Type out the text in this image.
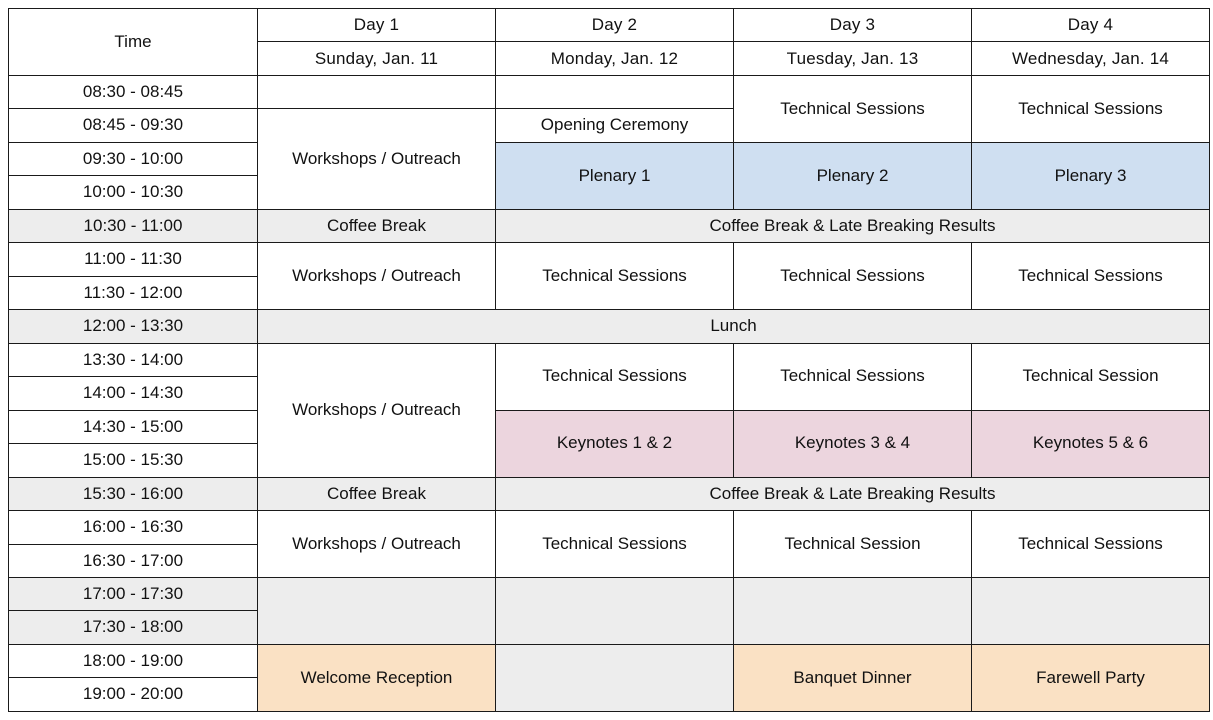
Time	Day 1	Day 2	Day 3	Day 4
	Sunday, Jan. 11	Monday, Jan. 12	Tuesday, Jan. 13	Wednesday, Jan. 14
08:30 - 08:45			Technical Sessions	Technical Sessions
08:45 - 09:30	Workshops / Outreach	Opening Ceremony		
09:30 - 10:00		Plenary 1	Plenary 2	Plenary 3
10:00 - 10:30				
10:30 - 11:00	Coffee Break	Coffee Break & Late Breaking Results		
11:00 - 11:30	Workshops / Outreach	Technical Sessions	Technical Sessions	Technical Sessions
11:30 - 12:00				
12:00 - 13:30	Lunch			
13:30 - 14:00	Workshops / Outreach	Technical Sessions	Technical Sessions	Technical Session
14:00 - 14:30				
14:30 - 15:00		Keynotes 1 & 2	Keynotes 3 & 4	Keynotes 5 & 6
15:00 - 15:30				
15:30 - 16:00	Coffee Break	Coffee Break & Late Breaking Results		
16:00 - 16:30	Workshops / Outreach	Technical Sessions	Technical Session	Technical Sessions
16:30 - 17:00				
17:00 - 17:30				
17:30 - 18:00				
18:00 - 19:00	Welcome Reception		Banquet Dinner	Farewell Party
19:00 - 20:00				
